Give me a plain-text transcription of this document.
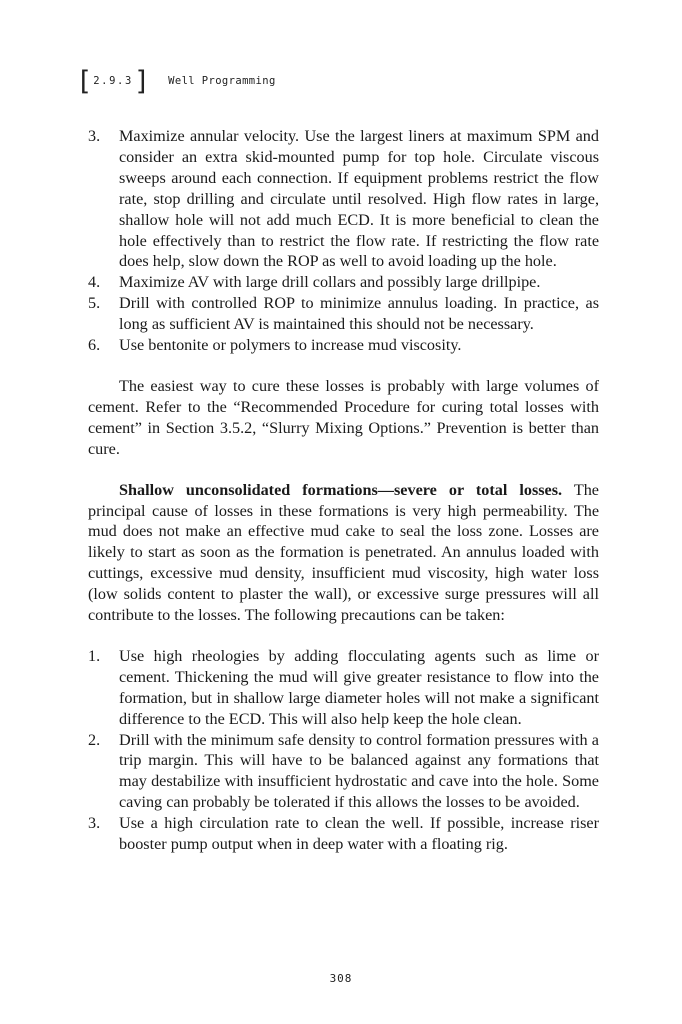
[ 2.9.3 ] Well Programming
3. Maximize annular velocity. Use the largest liners at maximum SPM and consider an extra skid-mounted pump for top hole. Circulate viscous sweeps around each connection. If equipment problems restrict the flow rate, stop drilling and circulate until resolved. High flow rates in large, shallow hole will not add much ECD. It is more beneficial to clean the hole effectively than to restrict the flow rate. If restricting the flow rate does help, slow down the ROP as well to avoid loading up the hole.
4. Maximize AV with large drill collars and possibly large drillpipe.
5. Drill with controlled ROP to minimize annulus loading. In practice, as long as sufficient AV is maintained this should not be necessary.
6. Use bentonite or polymers to increase mud viscosity.

The easiest way to cure these losses is probably with large volumes of cement. Refer to the “Recommended Procedure for curing total losses with cement” in Section 3.5.2, “Slurry Mixing Options.” Prevention is better than cure.

Shallow unconsolidated formations—severe or total losses. The principal cause of losses in these formations is very high permeability. The mud does not make an effective mud cake to seal the loss zone. Losses are likely to start as soon as the formation is penetrated. An annulus loaded with cuttings, excessive mud density, insufficient mud viscosity, high water loss (low solids content to plaster the wall), or excessive surge pressures will all contribute to the losses. The following precautions can be taken:

1. Use high rheologies by adding flocculating agents such as lime or cement. Thickening the mud will give greater resistance to flow into the formation, but in shallow large diameter holes will not make a significant difference to the ECD. This will also help keep the hole clean.
2. Drill with the minimum safe density to control formation pressures with a trip margin. This will have to be balanced against any formations that may destabilize with insufficient hydrostatic and cave into the hole. Some caving can probably be tolerated if this allows the losses to be avoided.
3. Use a high circulation rate to clean the well. If possible, increase riser booster pump output when in deep water with a floating rig.
308
